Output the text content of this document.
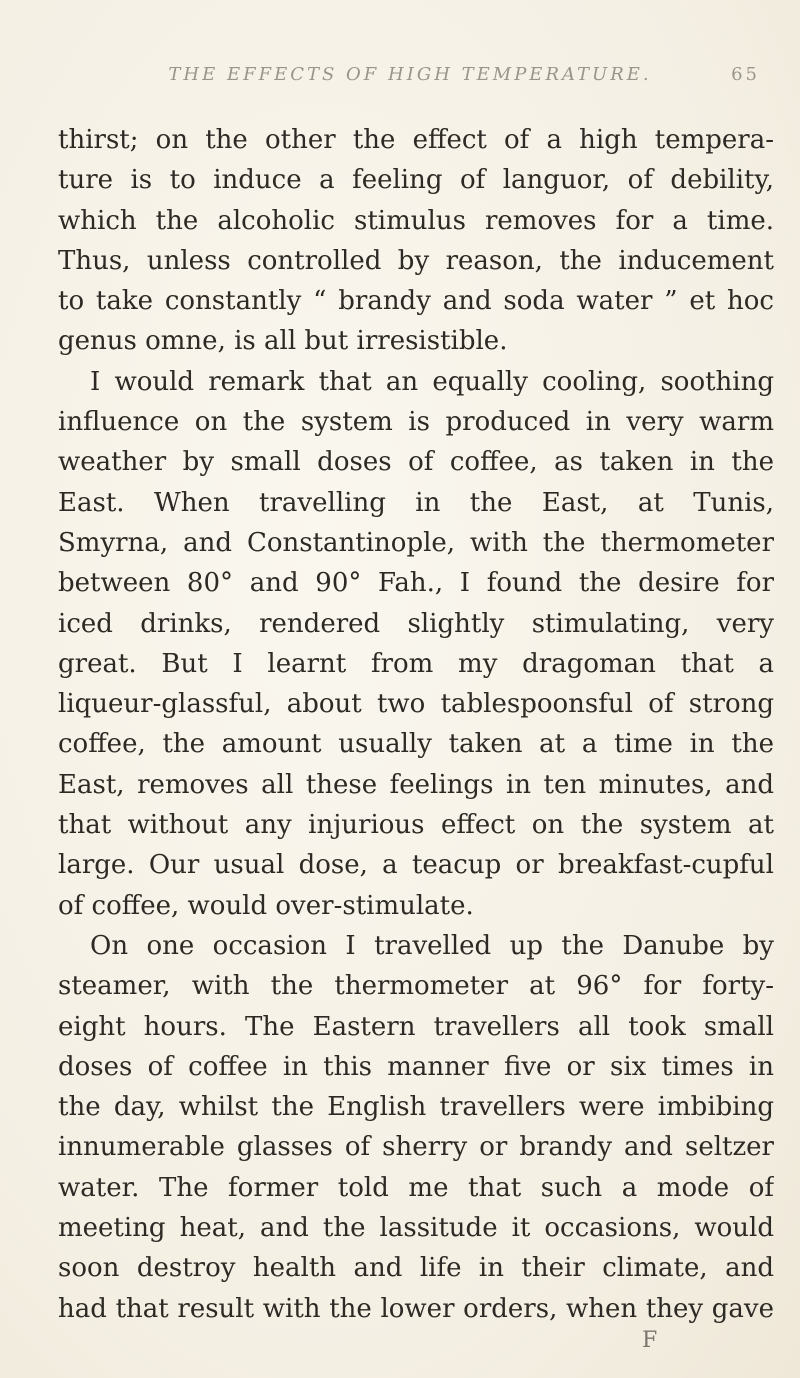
THE EFFECTS OF HIGH TEMPERATURE.	65
thirst; on the other the effect of a high tempera-
ture is to induce a feeling of languor, of debility,
which the alcoholic stimulus removes for a time.
Thus, unless controlled by reason, the inducement
to take constantly “ brandy and soda water ” et hoc
genus omne, is all but irresistible.
I would remark that an equally cooling, soothing
influence on the system is produced in very warm
weather by small doses of coffee, as taken in the
East. When travelling in the East, at Tunis,
Smyrna, and Constantinople, with the thermometer
between 80° and 90° Fah., I found the desire for
iced drinks, rendered slightly stimulating, very
great. But I learnt from my dragoman that a
liqueur-glassful, about two tablespoonsful of strong
coffee, the amount usually taken at a time in the
East, removes all these feelings in ten minutes, and
that without any injurious effect on the system at
large. Our usual dose, a teacup or breakfast-cupful
of coffee, would over-stimulate.
On one occasion I travelled up the Danube by
steamer, with the thermometer at 96° for forty-
eight hours. The Eastern travellers all took small
doses of coffee in this manner five or six times in
the day, whilst the English travellers were imbibing
innumerable glasses of sherry or brandy and seltzer
water. The former told me that such a mode of
meeting heat, and the lassitude it occasions, would
soon destroy health and life in their climate, and
had that result with the lower orders, when they gave
F
